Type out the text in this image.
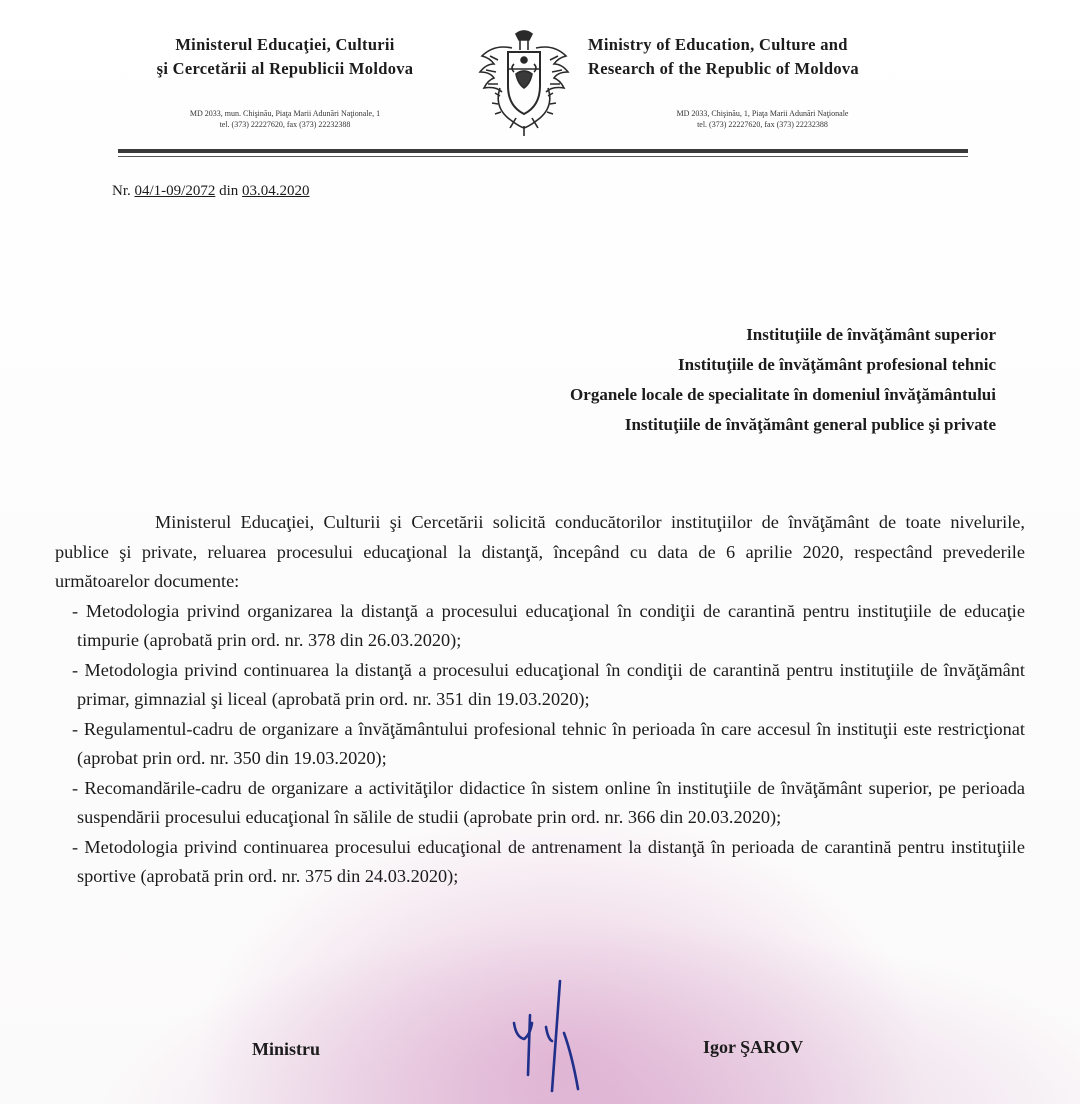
Ministerul Educaţiei, Culturii
şi Cercetării al Republicii Moldova
MD 2033, mun. Chişinău, Piaţa Marii Adunări Naţionale, 1
tel. (373) 22227620, fax (373) 22232388
Ministry of Education, Culture and
Research of the Republic of Moldova
MD 2033, Chişinău, 1, Piaţa Marii Adunări Naţionale
tel. (373) 22227620, fax (373) 22232388
Nr. 04/1-09/2072 din 03.04.2020
Instituţiile de învăţământ superior
Instituţiile de învăţământ profesional tehnic
Organele locale de specialitate în domeniul învăţământului
Instituţiile de învăţământ general publice şi private

Ministerul Educaţiei, Culturii şi Cercetării solicită conducătorilor instituţiilor de învăţământ de toate nivelurile, publice şi private, reluarea procesului educaţional la distanţă, începând cu data de 6 aprilie 2020, respectând prevederile următoarelor documente:

- Metodologia privind organizarea la distanţă a procesului educaţional în condiţii de carantină pentru instituţiile de educaţie timpurie (aprobată prin ord. nr. 378 din 26.03.2020);

- Metodologia privind continuarea la distanţă a procesului educaţional în condiţii de carantină pentru instituţiile de învăţământ primar, gimnazial şi liceal (aprobată prin ord. nr. 351 din 19.03.2020);

- Regulamentul-cadru de organizare a învăţământului profesional tehnic în perioada în care accesul în instituţii este restricţionat (aprobat prin ord. nr. 350 din 19.03.2020);

- Recomandările-cadru de organizare a activităţilor didactice în sistem online în instituţiile de învăţământ superior, pe perioada suspendării procesului educaţional în sălile de studii (aprobate prin ord. nr. 366 din 20.03.2020);

- Metodologia privind continuarea procesului educaţional de antrenament la distanţă în perioada de carantină pentru instituţiile sportive (aprobată prin ord. nr. 375 din 24.03.2020);

Ministru	Igor ŞAROV
